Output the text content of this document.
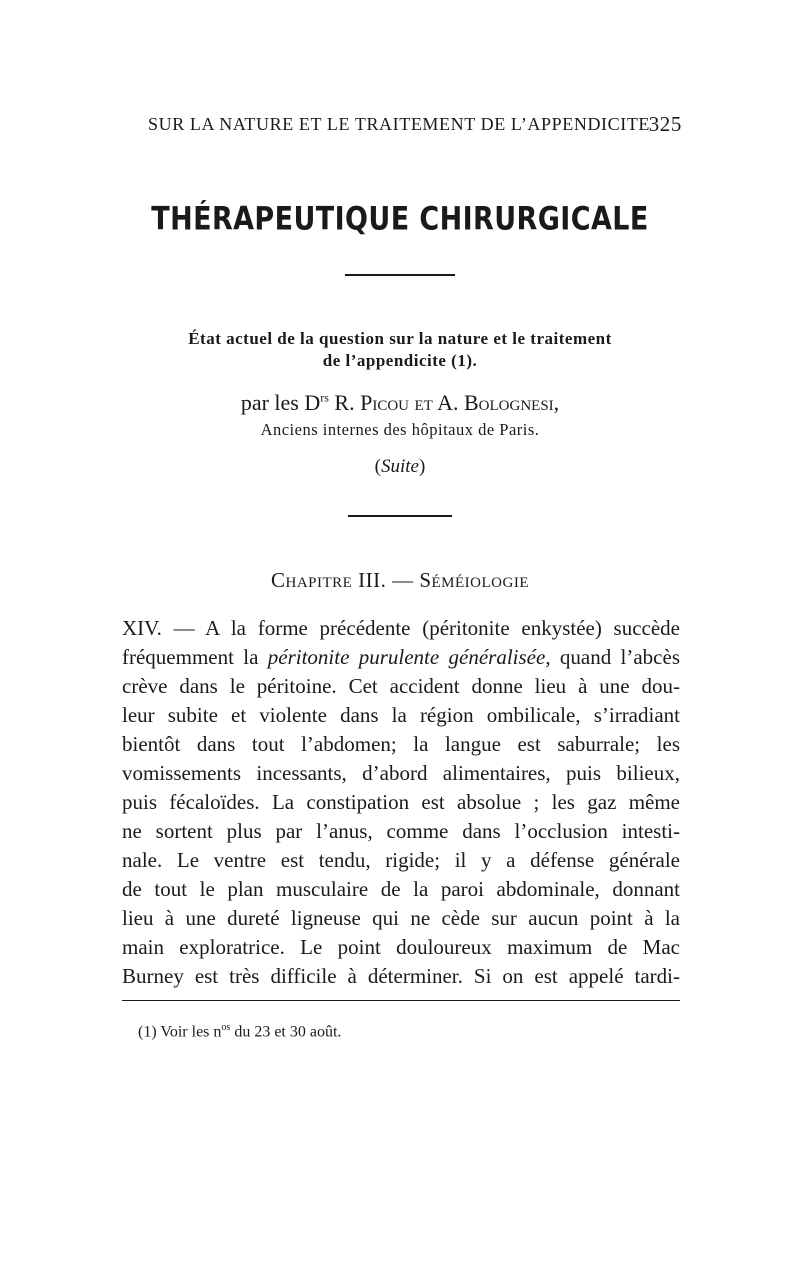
SUR LA NATURE ET LE TRAITEMENT DE L’APPENDICITE
325
THÉRAPEUTIQUE CHIRURGICALE
État actuel de la question sur la nature et le traitement
de l’appendicite (1).
par les $D^{rs}$ R. Picou et A. Bolognesi,
Anciens internes des hôpitaux de Paris.
(Suite)
Chapitre III. — Séméiologie
XIV. — A la forme précédente (péritonite enkystée) succède
fréquemment la péritonite purulente généralisée, quand l’abcès
crève dans le péritoine. Cet accident donne lieu à une dou-
leur subite et violente dans la région ombilicale, s’irradiant
bientôt dans tout l’abdomen; la langue est saburrale; les
vomissements incessants, d’abord alimentaires, puis bilieux,
puis fécaloïdes. La constipation est absolue ; les gaz même
ne sortent plus par l’anus, comme dans l’occlusion intesti-
nale. Le ventre est tendu, rigide; il y a défense générale
de tout le plan musculaire de la paroi abdominale, donnant
lieu à une dureté ligneuse qui ne cède sur aucun point à la
main exploratrice. Le point douloureux maximum de Mac
Burney est très difficile à déterminer. Si on est appelé tardi-
(1) Voir les $n^{os}$ du 23 et 30 août.
